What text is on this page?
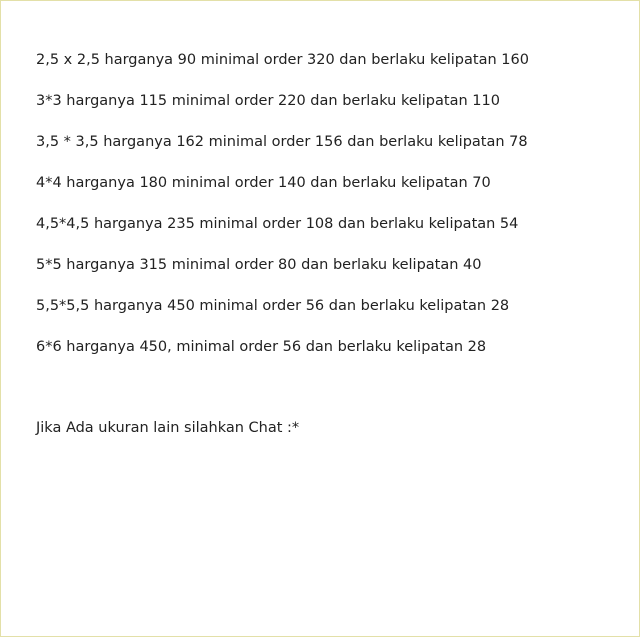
2,5 x 2,5 harganya 90 minimal order 320 dan berlaku kelipatan 160
3*3 harganya 115 minimal order 220 dan berlaku kelipatan 110
3,5 * 3,5 harganya 162 minimal order 156 dan berlaku kelipatan 78
4*4 harganya 180 minimal order 140 dan berlaku kelipatan 70
4,5*4,5 harganya 235 minimal order 108 dan berlaku kelipatan 54
5*5 harganya 315 minimal order 80 dan berlaku kelipatan 40
5,5*5,5 harganya 450 minimal order 56 dan berlaku kelipatan 28
6*6 harganya 450, minimal order 56 dan berlaku kelipatan 28
Jika Ada ukuran lain silahkan Chat :*
